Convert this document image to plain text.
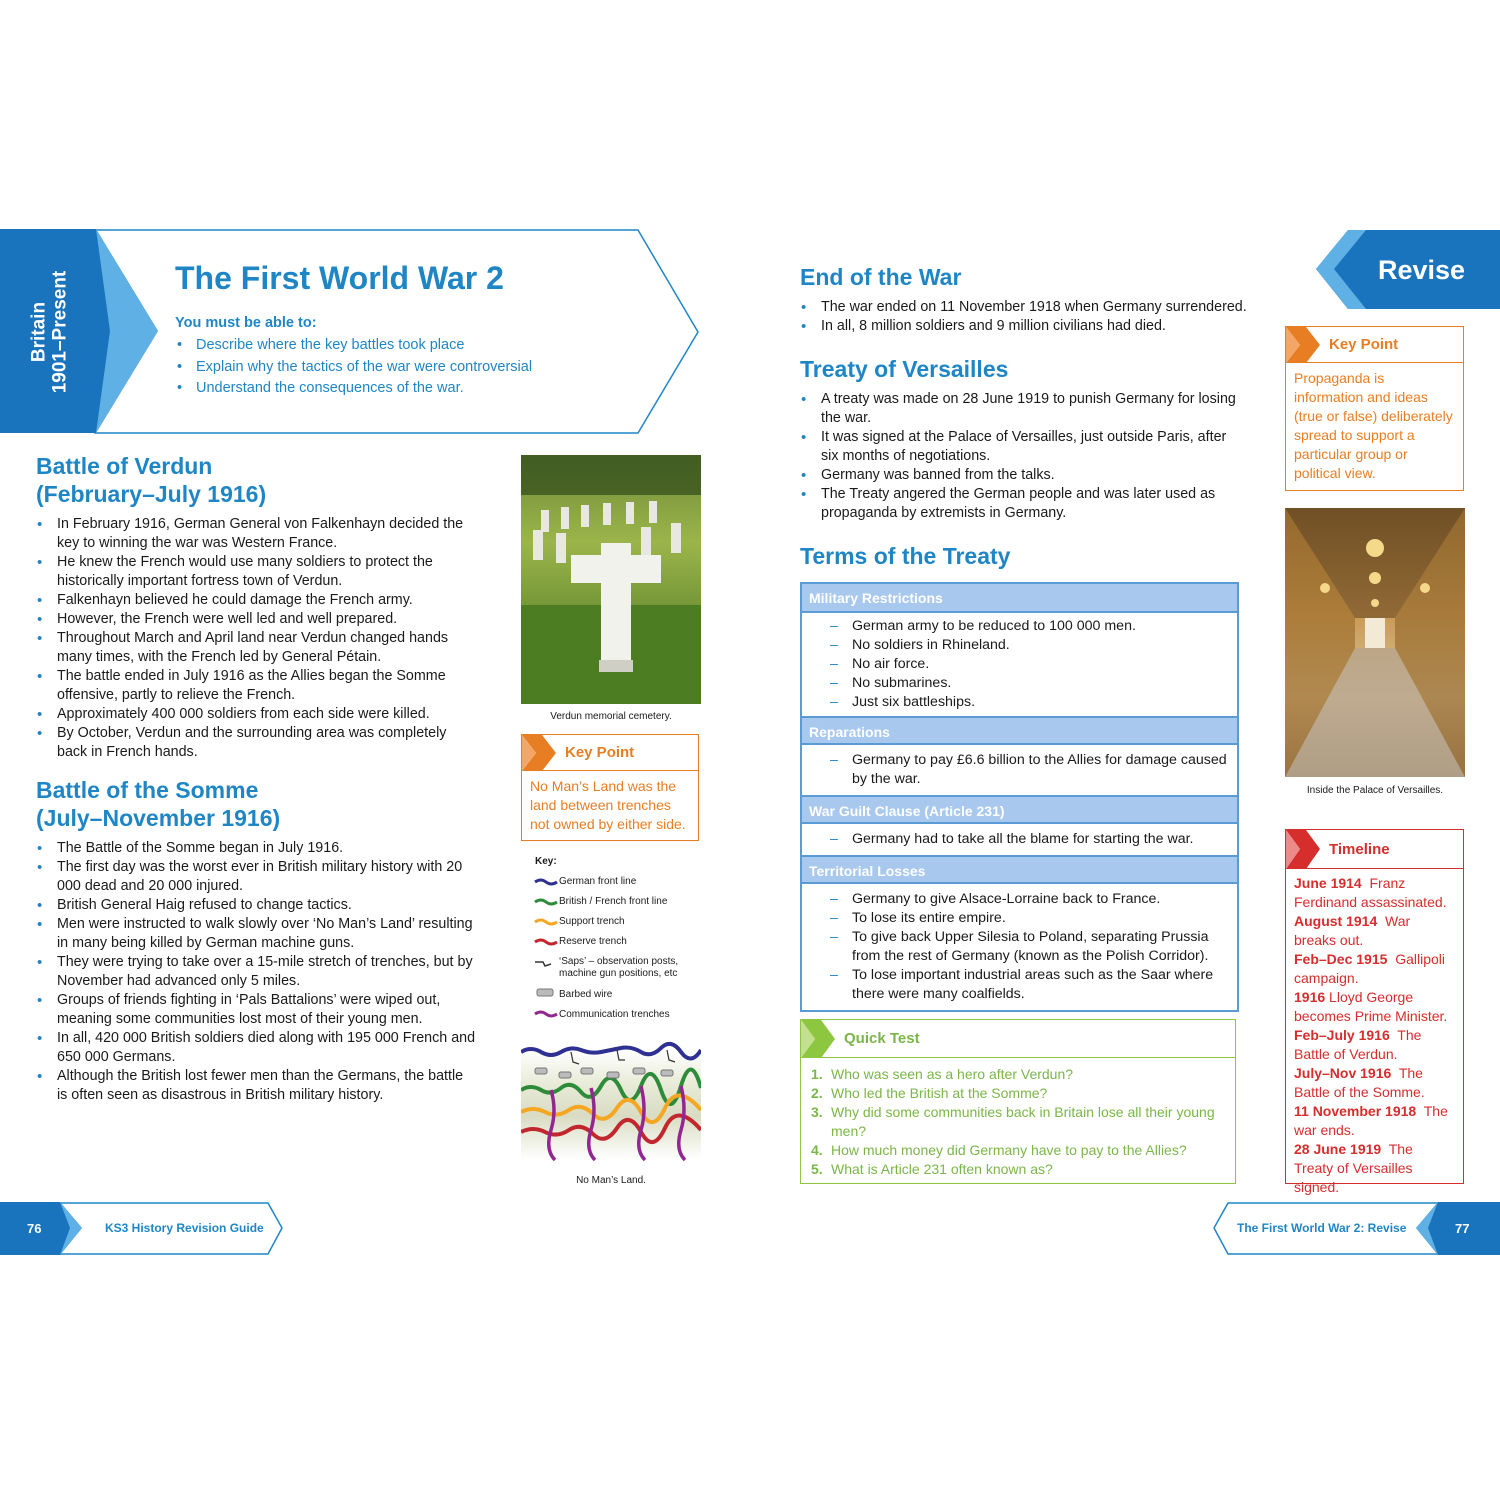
Britain 1901–Present	The First World War 2
You must be able to:
• Describe where the key battles took place
• Explain why the tactics of the war were controversial
• Understand the consequences of the war.
Battle of Verdun
(February–July 1916)
• In February 1916, German General von Falkenhayn decided the key to winning the war was Western France.
• He knew the French would use many soldiers to protect the historically important fortress town of Verdun.
• Falkenhayn believed he could damage the French army.
• However, the French were well led and well prepared.
• Throughout March and April land near Verdun changed hands many times, with the French led by General Pétain.
• The battle ended in July 1916 as the Allies began the Somme offensive, partly to relieve the French.
• Approximately 400 000 soldiers from each side were killed.
• By October, Verdun and the surrounding area was completely back in French hands.
Battle of the Somme
(July–November 1916)
• The Battle of the Somme began in July 1916.
• The first day was the worst ever in British military history with 20 000 dead and 20 000 injured.
• British General Haig refused to change tactics.
• Men were instructed to walk slowly over ‘No Man’s Land’ resulting in many being killed by German machine guns.
• They were trying to take over a 15-mile stretch of trenches, but by November had advanced only 5 miles.
• Groups of friends fighting in ‘Pals Battalions’ were wiped out, meaning some communities lost most of their young men.
• In all, 420 000 British soldiers died along with 195 000 French and 650 000 Germans.
• Although the British lost fewer men than the Germans, the battle is often seen as disastrous in British military history.
Verdun memorial cemetery.
Key Point
No Man’s Land was the land between trenches not owned by either side.
Key:
German front line
British / French front line
Support trench
Reserve trench
‘Saps’ – observation posts, machine gun positions, etc
Barbed wire
Communication trenches
No Man’s Land.
End of the War
• The war ended on 11 November 1918 when Germany surrendered.
• In all, 8 million soldiers and 9 million civilians had died.
Treaty of Versailles
• A treaty was made on 28 June 1919 to punish Germany for losing the war.
• It was signed at the Palace of Versailles, just outside Paris, after six months of negotiations.
• Germany was banned from the talks.
• The Treaty angered the German people and was later used as propaganda by extremists in Germany.
Terms of the Treaty
Military Restrictions
– German army to be reduced to 100 000 men.
– No soldiers in Rhineland.
– No air force.
– No submarines.
– Just six battleships.
Reparations
– Germany to pay £6.6 billion to the Allies for damage caused by the war.
War Guilt Clause (Article 231)
– Germany had to take all the blame for starting the war.
Territorial Losses
– Germany to give Alsace-Lorraine back to France.
– To lose its entire empire.
– To give back Upper Silesia to Poland, separating Prussia from the rest of Germany (known as the Polish Corridor).
– To lose important industrial areas such as the Saar where there were many coalfields.
Quick Test
1. Who was seen as a hero after Verdun?
2. Who led the British at the Somme?
3. Why did some communities back in Britain lose all their young men?
4. How much money did Germany have to pay to the Allies?
5. What is Article 231 often known as?
Revise
Key Point
Propaganda is information and ideas (true or false) deliberately spread to support a particular group or political view.
Inside the Palace of Versailles.
Timeline
June 1914 Franz Ferdinand assassinated.
August 1914 War breaks out.
Feb–Dec 1915 Gallipoli campaign.
1916 Lloyd George becomes Prime Minister.
Feb–July 1916 The Battle of Verdun.
July–Nov 1916 The Battle of the Somme.
11 November 1918 The war ends.
28 June 1919 The Treaty of Versailles signed.
76	KS3 History Revision Guide	The First World War 2: Revise	77
